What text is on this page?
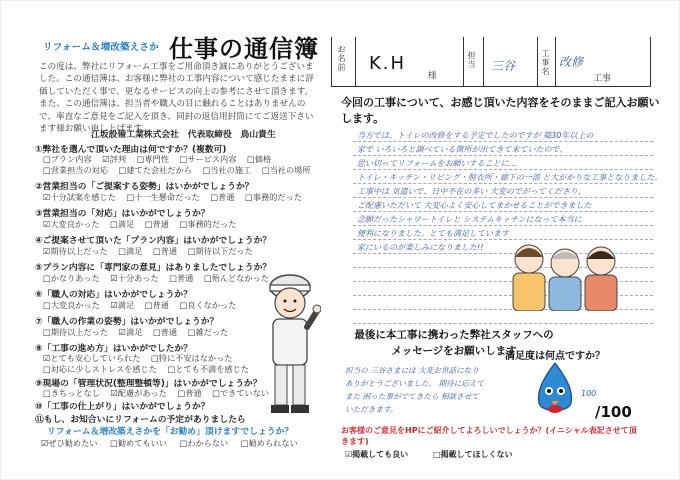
リフォーム＆増改築えさか 仕事の通信簿
この度は、弊社にリフォーム工事をご用命頂き誠にありがとうございました。この通信簿は、お客様に弊社の工事内容について感じたままに評価していただく事で、更なるサービスの向上の参考にさせて頂きます。また、この通信簿は、担当者や職人の目に触れることはありませんので、率直なご意見をご記入を頂き、同封の返信用封筒にてご返送下さいます様お願い申し上げます。
江坂設備工業株式会社　代表取締役　鳥山貴生
①弊社を選んで頂いた理由は何ですか？(複数可)
□プラン内容 ☑評判 □専門性 □サービス内容 □価格
□営業担当の対応 □建てた会社だから □当社の施工 □当社の場所
②営業担当の「ご提案する姿勢」はいかがでしょうか？
☑十分試案を感じた □十一生懸命だった □普通 □事務的だった
③営業担当の「対応」はいかがでしょうか？
☑大変良かった □満足 □普通 □事務的だった
④ご提案させて頂いた「プラン内容」はいかがでしょうか？
☑期待以上だった □満足 □普通 □期待以下だった
⑤プラン内容に「専門家の意見」はありましたでしょうか？
□かなりあった ☑十分あった □普通 □殆んどなかった
⑥「職人の対応」はいかがでしょうか？
□大変良かった ☑満足 □普通 □良くなかった
⑦「職人の作業の姿勢」はいかがでしょうか？
□期待以上だった ☑満足 □普通 □雑だった
⑧「工事の進め方」はいかがでしたか？
☑とても安心していられた □特に不安はなかった
□対応に少しストレスを感じた □とても不満を感じた
⑨現場の「管理状況(整理整頓等)」はいかがでしょうか？
□きちっとなし ☑配慮があった □普通 □できていない
⑩「工事の仕上がり」はいかがでしょうか？
⑪もし、お知合いにリフォームの予定がありましたら
リフォーム＆増改築えさかを「お勧め」頂けますでしょうか？
☑ぜひ勧めたい □勧めてもいい □わからない □勧められない
お名前 K.H
様
担当 三谷
工事名
改修
工事
今回の工事について、お感じ頂いた内容をそのままご記入お願いします。
当方では、トイレの改修をする予定でしたのですが 築30年以上の
家で いろいろと調べている箇所が出てきて来ていたので、
思い切ってリフォームをお願いすることに…
トイレ・キッチン・リビング・脱衣所・廊下の一部 と大がかりな工事となりました。
工事中は 気遣いで、日中不在の多い 大変のでがってくださり、
ご配慮いただいて 大変心よく安心してまかせることができました
念願だったシャワートイレと システムキッチンになって本当に
便利になりました。とても満足しています
家にいるのが楽しみになりました!!
最後に本工事に携わった弊社スタッフへの
メッセージをお願いします
満足度は何点ですか？
担当の 三谷さまには 大変お世話になり
ありがとうございました。 期待に応えて
また 困った事がでてきたら 相談させて
いただきます。
100
/100
お客様のご意見をHPにご紹介してよろしいでしょうか？(イニシャル表記させて頂きます)
☑掲載しても良い	□掲載してほしくない
